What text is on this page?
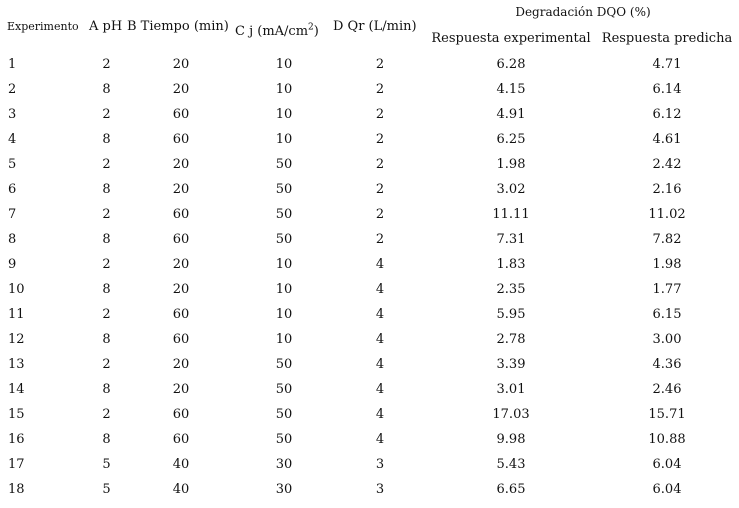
Experimento	A pH	B Tiempo (min)	C j $(mA/cm^2)$	D Qr (L/min)	Degradación DQO (%)	
					Respuesta experimental	Respuesta predicha
1	2	20	10	2	6.28	4.71
2	8	20	10	2	4.15	6.14
3	2	60	10	2	4.91	6.12
4	8	60	10	2	6.25	4.61
5	2	20	50	2	1.98	2.42
6	8	20	50	2	3.02	2.16
7	2	60	50	2	11.11	11.02
8	8	60	50	2	7.31	7.82
9	2	20	10	4	1.83	1.98
10	8	20	10	4	2.35	1.77
11	2	60	10	4	5.95	6.15
12	8	60	10	4	2.78	3.00
13	2	20	50	4	3.39	4.36
14	8	20	50	4	3.01	2.46
15	2	60	50	4	17.03	15.71
16	8	60	50	4	9.98	10.88
17	5	40	30	3	5.43	6.04
18	5	40	30	3	6.65	6.04
